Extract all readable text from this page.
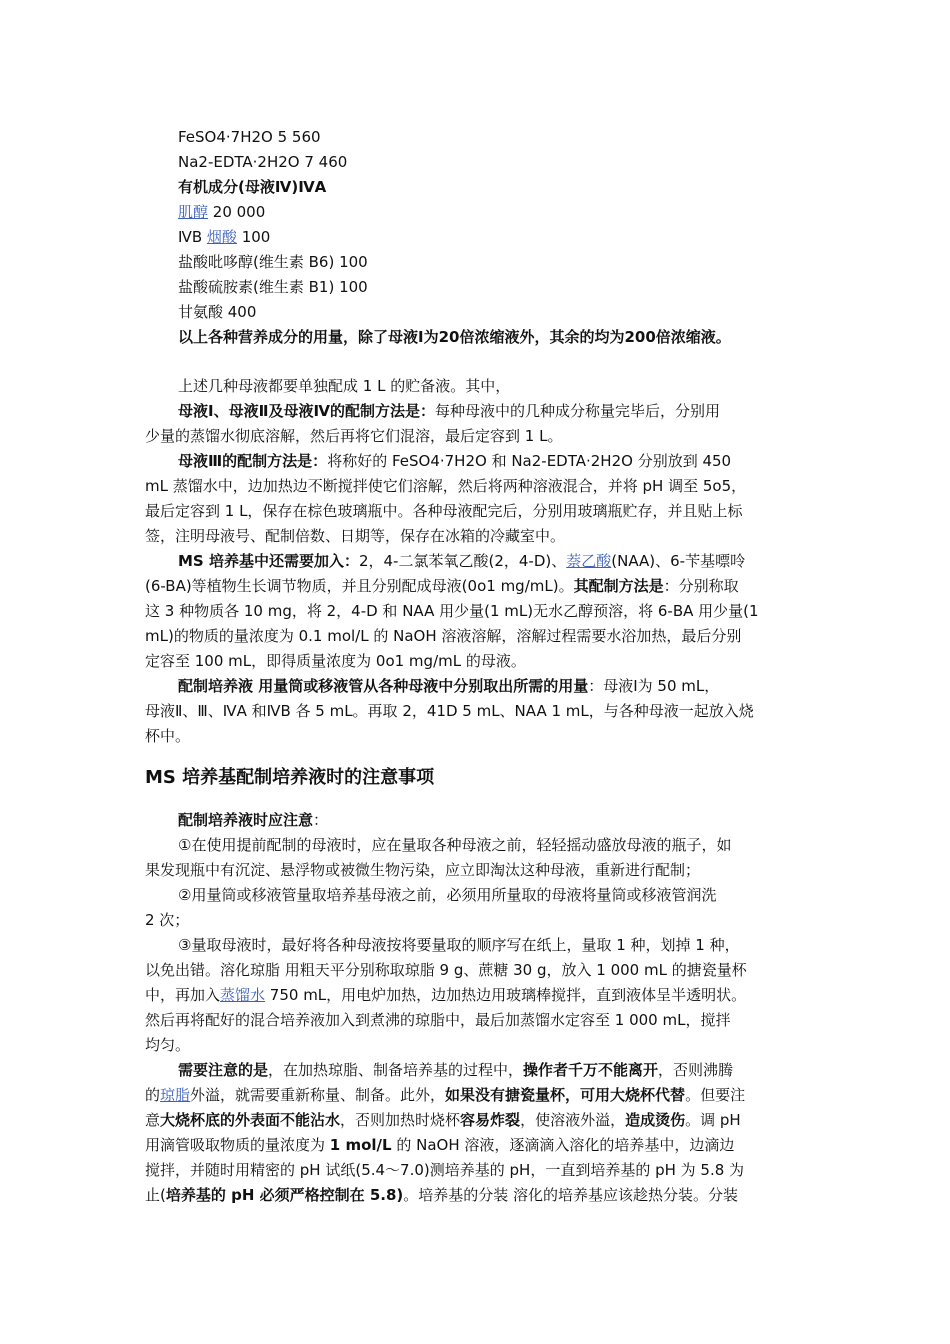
FeSO4·7H2O 5 560
Na2-EDTA·2H2O 7 460
有机成分(母液Ⅳ)ⅣA
肌醇 20 000
ⅣB 烟酸 100
盐酸吡哆醇(维生素 B6) 100
盐酸硫胺素(维生素 B1) 100
甘氨酸 400
以上各种营养成分的用量，除了母液Ⅰ为20倍浓缩液外，其余的均为200倍浓缩液。
上述几种母液都要单独配成 1 L 的贮备液。其中，
母液Ⅰ、母液Ⅱ及母液Ⅳ的配制方法是：每种母液中的几种成分称量完毕后，分别用
少量的蒸馏水彻底溶解，然后再将它们混溶，最后定容到 1 L。
母液Ⅲ的配制方法是：将称好的 FeSO4·7H2O 和 Na2-EDTA·2H2O 分别放到 450
mL 蒸馏水中，边加热边不断搅拌使它们溶解，然后将两种溶液混合，并将 pH 调至 5o5，
最后定容到 1 L，保存在棕色玻璃瓶中。各种母液配完后，分别用玻璃瓶贮存，并且贴上标
签，注明母液号、配制倍数、日期等，保存在冰箱的冷藏室中。
MS 培养基中还需要加入：2，4-二氯苯氧乙酸(2，4-D)、萘乙酸(NAA)、6-苄基嘌呤
(6-BA)等植物生长调节物质，并且分别配成母液(0o1 mg/mL)。其配制方法是：分别称取
这 3 种物质各 10 mg，将 2，4-D 和 NAA 用少量(1 mL)无水乙醇预溶，将 6-BA 用少量(1
mL)的物质的量浓度为 0.1 mol/L 的 NaOH 溶液溶解，溶解过程需要水浴加热，最后分别
定容至 100 mL，即得质量浓度为 0o1 mg/mL 的母液。
配制培养液 用量筒或移液管从各种母液中分别取出所需的用量：母液Ⅰ为 50 mL，
母液Ⅱ、Ⅲ、ⅣA 和ⅣB 各 5 mL。再取 2，41D 5 mL、NAA 1 mL，与各种母液一起放入烧
杯中。
MS 培养基配制培养液时的注意事项
配制培养液时应注意：
①在使用提前配制的母液时，应在量取各种母液之前，轻轻摇动盛放母液的瓶子，如
果发现瓶中有沉淀、悬浮物或被微生物污染，应立即淘汰这种母液，重新进行配制；
②用量筒或移液管量取培养基母液之前，必须用所量取的母液将量筒或移液管润洗
2 次；
③量取母液时，最好将各种母液按将要量取的顺序写在纸上，量取 1 种，划掉 1 种，
以免出错。溶化琼脂 用粗天平分别称取琼脂 9 g、蔗糖 30 g，放入 1 000 mL 的搪瓷量杯
中，再加入蒸馏水 750 mL，用电炉加热，边加热边用玻璃棒搅拌，直到液体呈半透明状。
然后再将配好的混合培养液加入到煮沸的琼脂中，最后加蒸馏水定容至 1 000 mL，搅拌
均匀。
需要注意的是，在加热琼脂、制备培养基的过程中，操作者千万不能离开，否则沸腾
的琼脂外溢，就需要重新称量、制备。此外，如果没有搪瓷量杯，可用大烧杯代替。但要注
意大烧杯底的外表面不能沾水，否则加热时烧杯容易炸裂，使溶液外溢，造成烫伤。调 pH
用滴管吸取物质的量浓度为 1 mol/L 的 NaOH 溶液，逐滴滴入溶化的培养基中，边滴边
搅拌，并随时用精密的 pH 试纸(5.4～7.0)测培养基的 pH，一直到培养基的 pH 为 5.8 为
止(培养基的 pH 必须严格控制在 5.8)。培养基的分装 溶化的培养基应该趁热分装。分装
